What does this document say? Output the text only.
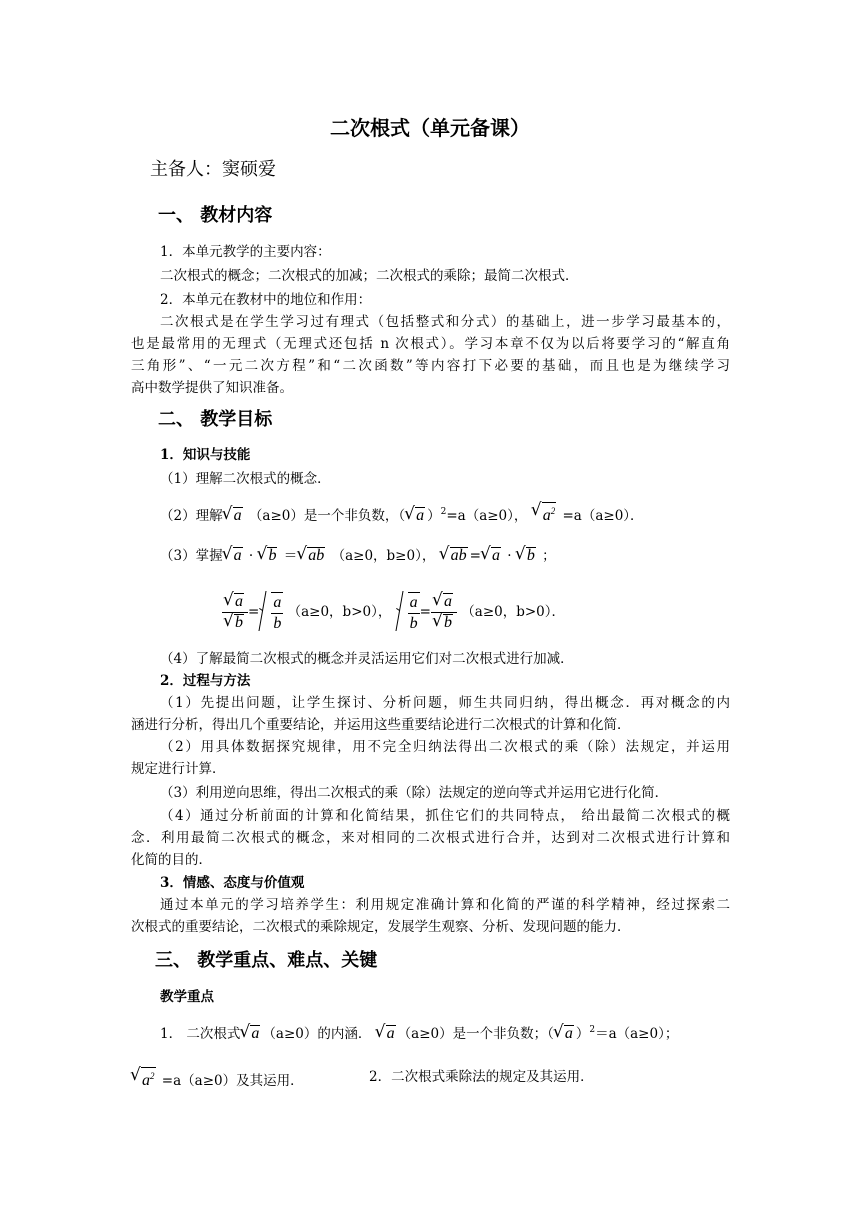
二次根式（单元备课）
主备人：窦硕爱
一、 教材内容
1．本单元教学的主要内容：
二次根式的概念；二次根式的加减；二次根式的乘除；最简二次根式．
2．本单元在教材中的地位和作用：
二次根式是在学生学习过有理式（包括整式和分式）的基础上，进一步学习最基本的，
也是最常用的无理式（无理式还包括 n 次根式）。学习本章不仅为以后将要学习的“解直角
三角形”、“一元二次方程”和“二次函数”等内容打下必要的基础，而且也是为继续学习
高中数学提供了知识准备。
二、 教学目标
1．知识与技能
（1）理解二次根式的概念．
（2）理解 √ a （a≥0）是一个非负数，（ √ a ）$^2$=a（a≥0）， √ $a^2 =a(a\ge 0)$．
（3）掌握 √ a · √ b ＝ √ ab （a≥0，b≥0）， √ ab = √ a · √ b ；
√ a
√ $b = \frac{a}{b} (a\ge 0$，b>0）， $\frac{a}{b}$ = √ a
√ b （a≥0，b>0）．
（4）了解最简二次根式的概念并灵活运用它们对二次根式进行加减．
2．过程与方法
（1）先提出问题，让学生探讨、分析问题，师生共同归纳，得出概念．再对概念的内
涵进行分析，得出几个重要结论，并运用这些重要结论进行二次根式的计算和化简．
（2）用具体数据探究规律，用不完全归纳法得出二次根式的乘（除）法规定，并运用
规定进行计算．
（3）利用逆向思维，得出二次根式的乘（除）法规定的逆向等式并运用它进行化简．
（4）通过分析前面的计算和化简结果，抓住它们的共同特点， 给出最简二次根式的概
念．利用最简二次根式的概念，来对相同的二次根式进行合并，达到对二次根式进行计算和
化简的目的．
3．情感、态度与价值观
通过本单元的学习培养学生：利用规定准确计算和化简的严谨的科学精神，经过探索二
次根式的重要结论，二次根式的乘除规定，发展学生观察、分析、发现问题的能力．
三、 教学重点、难点、关键
教学重点
1． 二次根式 √ a （a≥0）的内涵． √ a （a≥0）是一个非负数；（ √ a ）$^2$＝a（a≥0）；
√ $a^2 =a(a\ge 0)$及其运用．	2．二次根式乘除法的规定及其运用．
